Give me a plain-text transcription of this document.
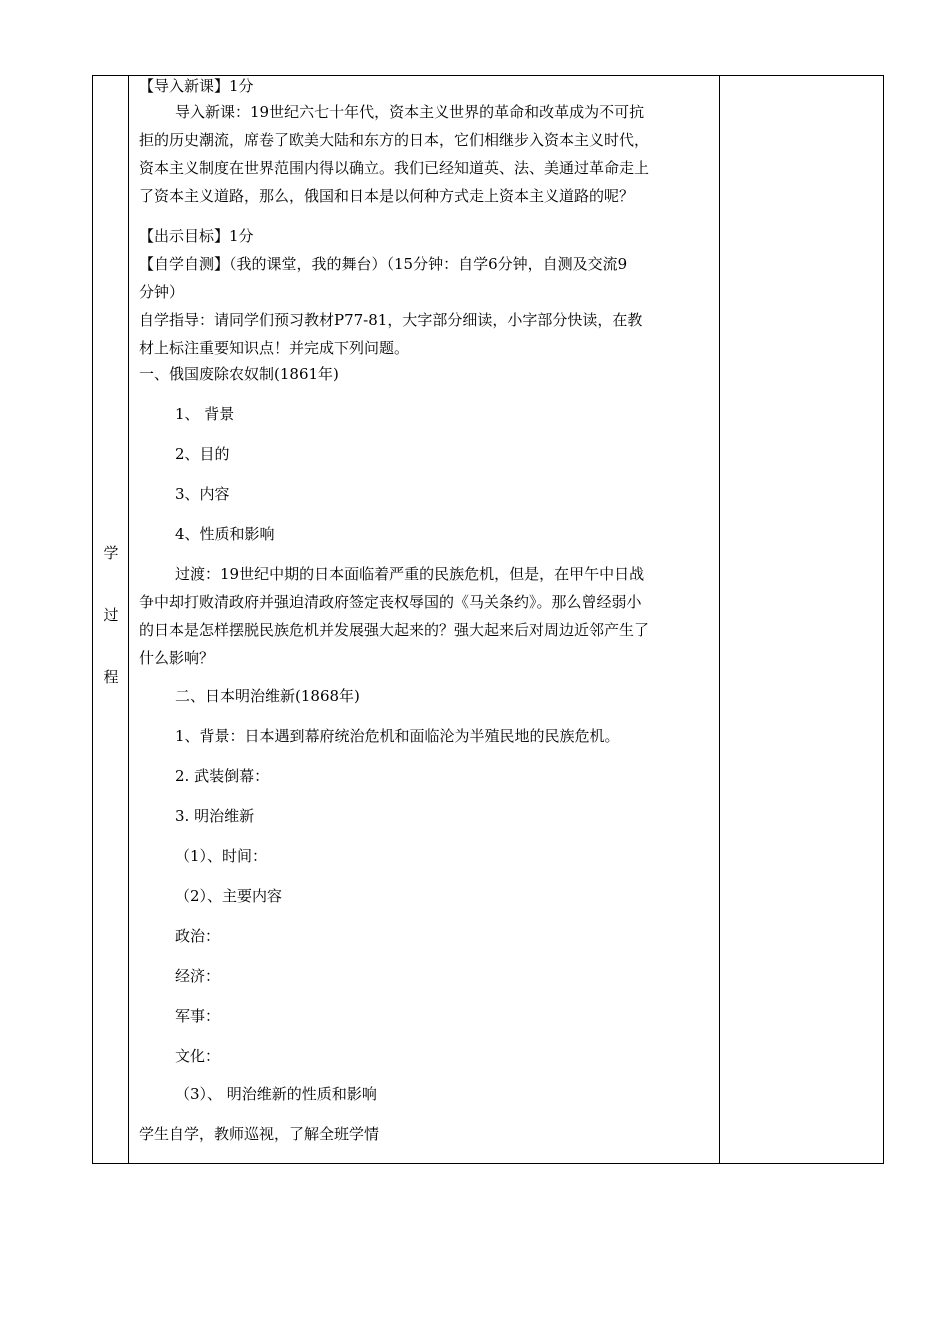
学
过
程
【导入新课】1分
导入新课：19世纪六七十年代，资本主义世界的革命和改革成为不可抗
拒的历史潮流，席卷了欧美大陆和东方的日本，它们相继步入资本主义时代，
资本主义制度在世界范围内得以确立。我们已经知道英、法、美通过革命走上
了资本主义道路，那么，俄国和日本是以何种方式走上资本主义道路的呢？
【出示目标】1分
【自学自测】（我的课堂，我的舞台）（15分钟：自学6分钟，自测及交流9
分钟）
自学指导：请同学们预习教材P77-81，大字部分细读，小字部分快读，在教
材上标注重要知识点！并完成下列问题。
一、俄国废除农奴制(1861年)
1、 背景
2、目的
3、内容
4、性质和影响
过渡：19世纪中期的日本面临着严重的民族危机，但是，在甲午中日战
争中却打败清政府并强迫清政府签定丧权辱国的《马关条约》。那么曾经弱小
的日本是怎样摆脱民族危机并发展强大起来的？强大起来后对周边近邻产生了
什么影响？
二、日本明治维新(1868年)
1、背景：日本遇到幕府统治危机和面临沦为半殖民地的民族危机。
2. 武装倒幕：
3. 明治维新
（1）、时间：
（2）、主要内容
政治：
经济：
军事：
文化：
（3）、 明治维新的性质和影响
学生自学，教师巡视，了解全班学情
